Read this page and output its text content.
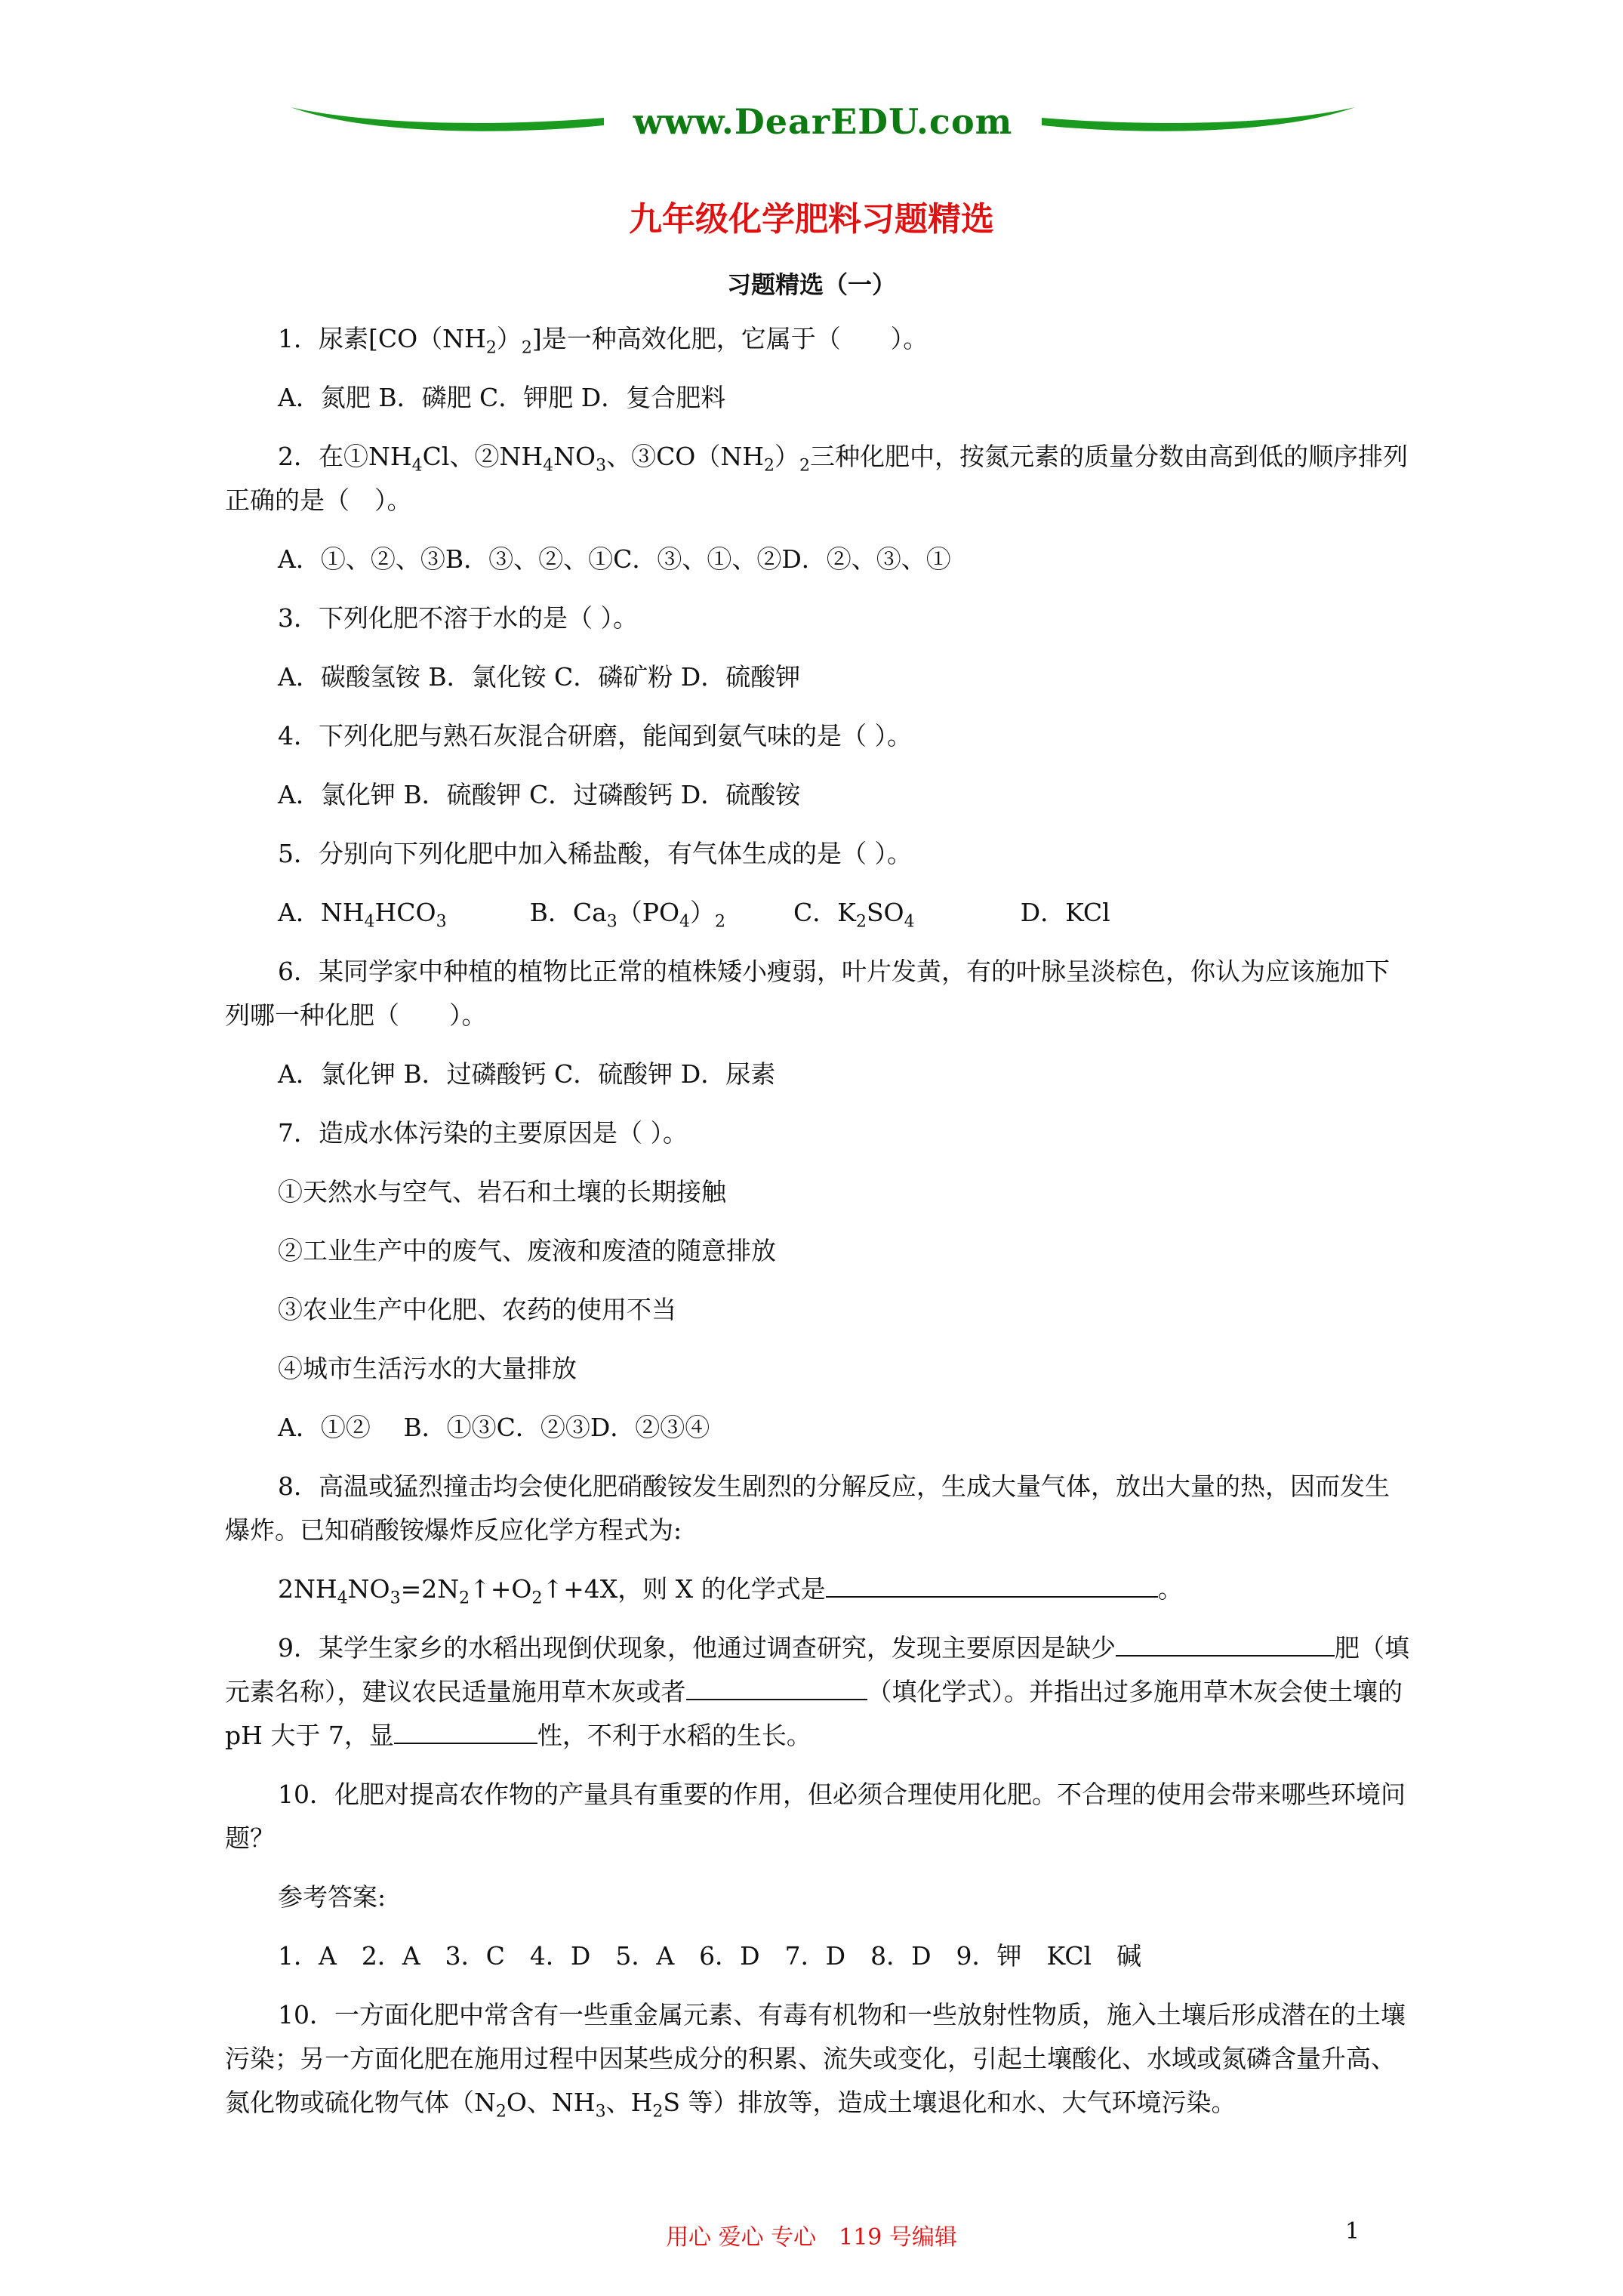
www.DearEDU.com
九年级化学肥料习题精选
习题精选（一）

1．尿素$[CO(NH_2)_2]$是一种高效化肥，它属于（　　）。

A．氮肥 B．磷肥 C．钾肥 D．复合肥料

2．在$①NH_4Cl$、$②NH_4NO_3$、$③CO(NH_2)_2$三种化肥中，按氮元素的质量分数由高到低的顺序排列正确的是（　）。

A．①、②、③B．③、②、①C．③、①、②D．②、③、①

3．下列化肥不溶于水的是（ ）。

A．碳酸氢铵 B．氯化铵 C．磷矿粉 D．硫酸钾

4．下列化肥与熟石灰混合研磨，能闻到氨气味的是（ ）。

A．氯化钾 B．硫酸钾 C．过磷酸钙 D．硫酸铵

5．分别向下列化肥中加入稀盐酸，有气体生成的是（ ）。

A．$NH_4HCO_3$	B．$Ca_3(PO_4)_2$	C．$K_2SO_4$	D．KCl

6．某同学家中种植的植物比正常的植株矮小瘦弱，叶片发黄，有的叶脉呈淡棕色，你认为应该施加下列哪一种化肥（　　）。

A．氯化钾 B．过磷酸钙 C．硫酸钾 D．尿素

7．造成水体污染的主要原因是（ ）。

①天然水与空气、岩石和土壤的长期接触

②工业生产中的废气、废液和废渣的随意排放

③农业生产中化肥、农药的使用不当

④城市生活污水的大量排放

A．①②　 B．①③C．②③D．②③④

8．高温或猛烈撞击均会使化肥硝酸铵发生剧烈的分解反应，生成大量气体，放出大量的热，因而发生爆炸。已知硝酸铵爆炸反应化学方程式为:

$2NH_4NO_3=2N_2↑+O_2↑+4X$，则 X 的化学式是	。

9．某学生家乡的水稻出现倒伏现象，他通过调查研究，发现主要原因是缺少	肥（填元素名称），建议农民适量施用草木灰或者	（填化学式）。并指出过多施用草木灰会使土壤的 pH 大于 7，显	性，不利于水稻的生长。

10．化肥对提高农作物的产量具有重要的作用，但必须合理使用化肥。不合理的使用会带来哪些环境问题？

参考答案:

1．A　2．A　3．C　4．D　5．A　6．D　7．D　8．D　9．钾　KCl　碱

10．一方面化肥中常含有一些重金属元素、有毒有机物和一些放射性物质，施入土壤后形成潜在的土壤污染；另一方面化肥在施用过程中因某些成分的积累、流失或变化，引起土壤酸化、水域或氮磷含量升高、氮化物或硫化物气体（$N_2O$、$NH_3$、$H_2S$ 等）排放等，造成土壤退化和水、大气环境污染。

用心 爱心 专心　119 号编辑	1
